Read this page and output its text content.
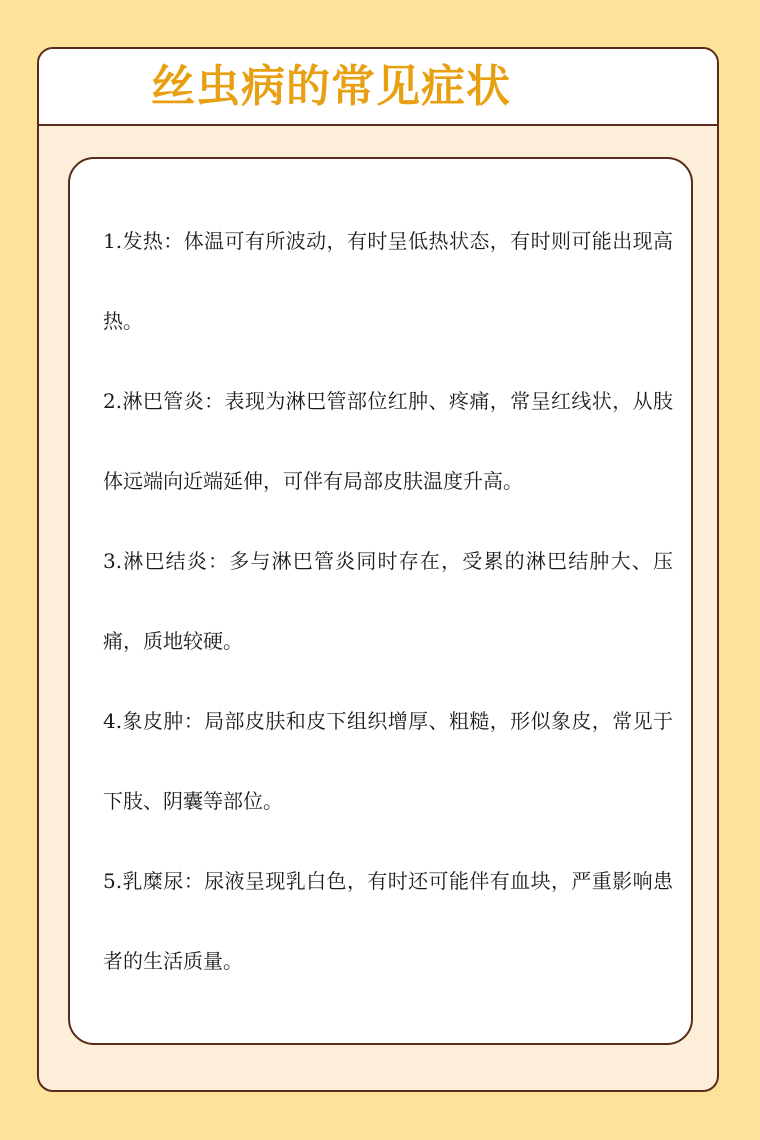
丝虫病的常见症状

1.发热：体温可有所波动，有时呈低热状态，有时则可能出现高热。

2.淋巴管炎：表现为淋巴管部位红肿、疼痛，常呈红线状，从肢体远端向近端延伸，可伴有局部皮肤温度升高。

3.淋巴结炎：多与淋巴管炎同时存在，受累的淋巴结肿大、压痛，质地较硬。

4.象皮肿：局部皮肤和皮下组织增厚、粗糙，形似象皮，常见于下肢、阴囊等部位。

5.乳糜尿：尿液呈现乳白色，有时还可能伴有血块，严重影响患者的生活质量。
